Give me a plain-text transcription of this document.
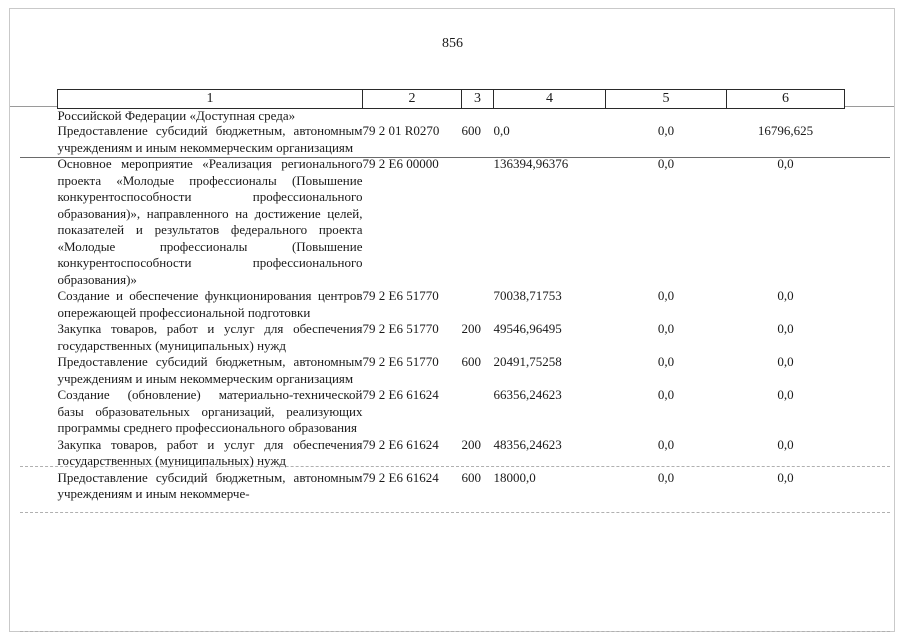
856
1	2	3	4	5	6
Российской Федерации «Доступная среда»					
Предоставление субсидий бюджетным, автономным учреждениям и иным некоммерческим организациям	79 2 01 R0270	600	0,0	0,0	16796,625
Основное мероприятие «Реализация регионального проекта «Молодые профессионалы (Повышение конкурентоспособности профессионального образования)», направленного на достижение целей, показателей и результатов федерального проекта «Молодые профессионалы (Повышение конкурентоспособности профессионального образования)»	79 2 E6 00000		136394,96376	0,0	0,0
Создание и обеспечение функционирования центров опережающей профессиональной подготовки	79 2 E6 51770		70038,71753	0,0	0,0
Закупка товаров, работ и услуг для обеспечения государственных (муниципальных) нужд	79 2 E6 51770	200	49546,96495	0,0	0,0
Предоставление субсидий бюджетным, автономным учреждениям и иным некоммерческим организациям	79 2 E6 51770	600	20491,75258	0,0	0,0
Создание (обновление) материально-технической базы образовательных организаций, реализующих программы среднего профессионального образования	79 2 E6 61624		66356,24623	0,0	0,0
Закупка товаров, работ и услуг для обеспечения государственных (муниципальных) нужд	79 2 E6 61624	200	48356,24623	0,0	0,0
Предоставление субсидий бюджетным, автономным учреждениям и иным некоммерче-	79 2 E6 61624	600	18000,0	0,0	0,0
